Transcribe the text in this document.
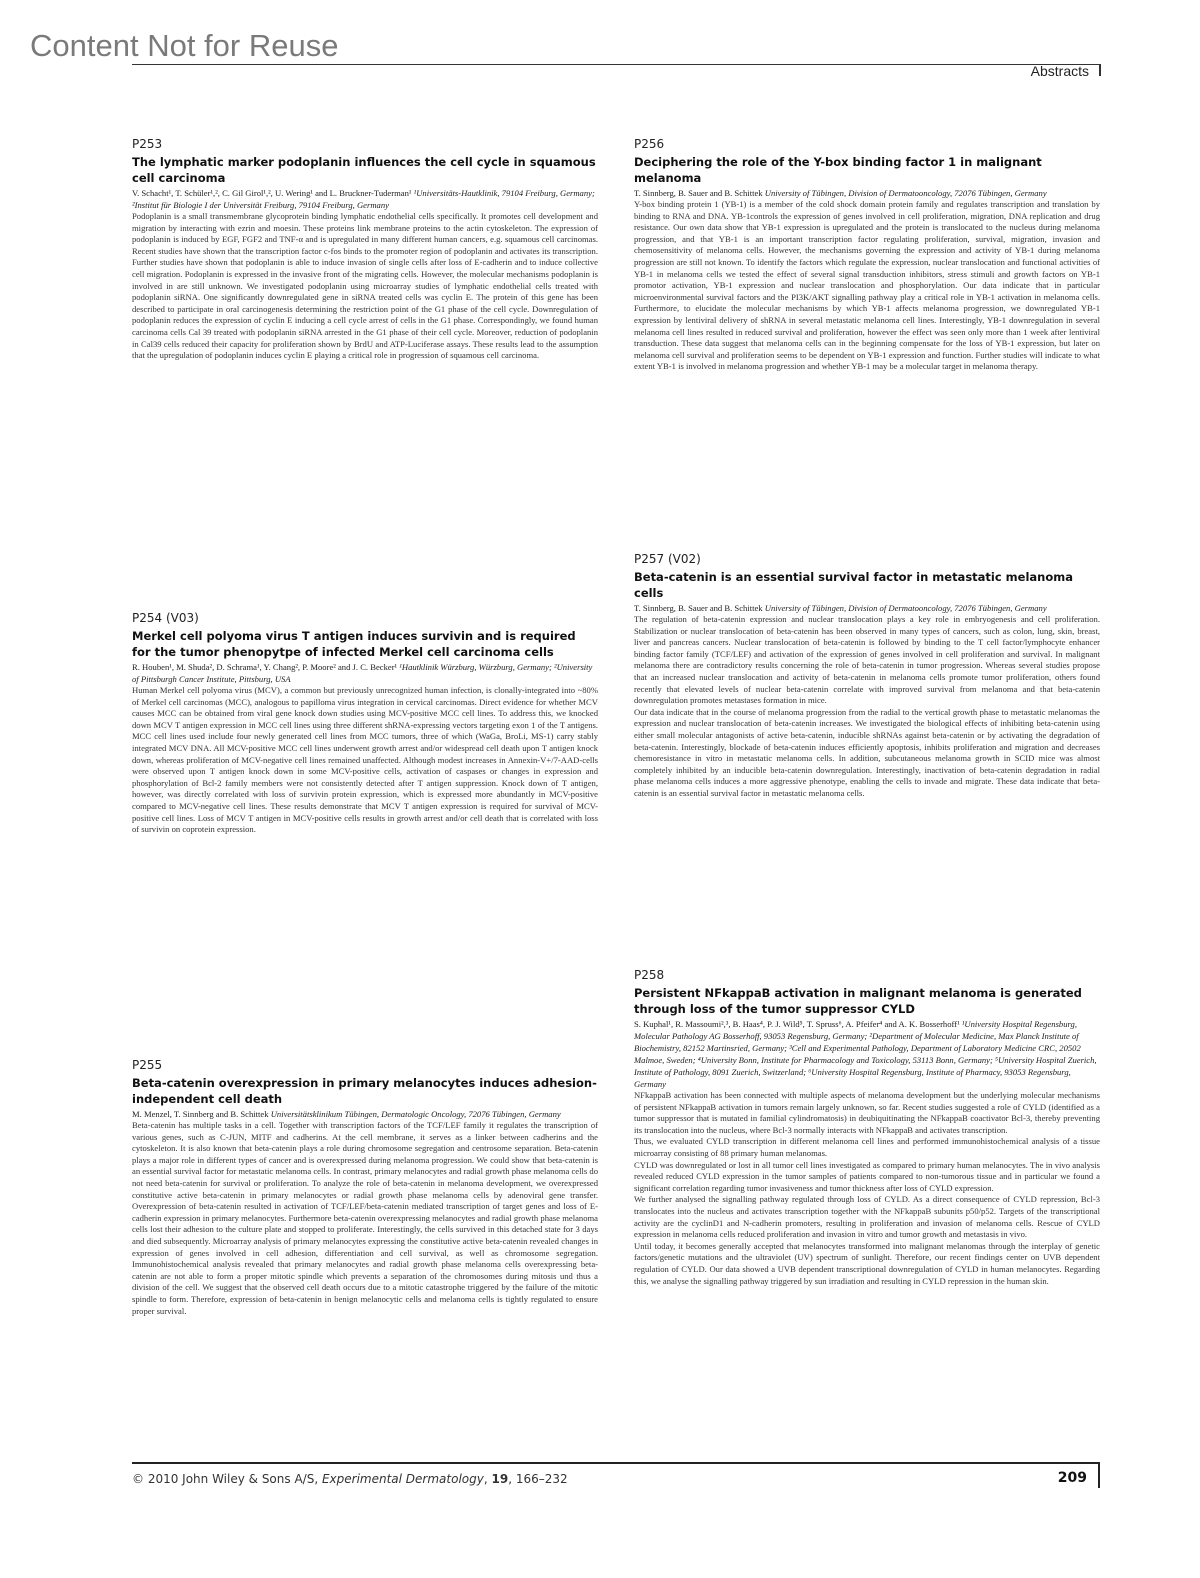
Content Not for Reuse
Abstracts
P253
The lymphatic marker podoplanin influences the cell cycle in squamous cell carcinoma
V. Schacht¹, T. Schüler¹,², C. Gil Girol¹,², U. Wering¹ and L. Bruckner-Tuderman¹ ¹Universitäts-Hautklinik, 79104 Freiburg, Germany; ²Institut für Biologie I der Universität Freiburg, 79104 Freiburg, Germany

Podoplanin is a small transmembrane glycoprotein binding lymphatic endothelial cells specifically. It promotes cell development and migration by interacting with ezrin and moesin. These proteins link membrane proteins to the actin cytoskeleton. The expression of podoplanin is induced by EGF, FGF2 and TNF-α and is upregulated in many different human cancers, e.g. squamous cell carcinomas. Recent studies have shown that the transcription factor c-fos binds to the promoter region of podoplanin and activates its transcription. Further studies have shown that podoplanin is able to induce invasion of single cells after loss of E-cadherin and to induce collective cell migration. Podoplanin is expressed in the invasive front of the migrating cells. However, the molecular mechanisms podoplanin is involved in are still unknown. We investigated podoplanin using microarray studies of lymphatic endothelial cells treated with podoplanin siRNA. One significantly downregulated gene in siRNA treated cells was cyclin E. The protein of this gene has been described to participate in oral carcinogenesis determining the restriction point of the G1 phase of the cell cycle. Downregulation of podoplanin reduces the expression of cyclin E inducing a cell cycle arrest of cells in the G1 phase. Correspondingly, we found human carcinoma cells Cal 39 treated with podoplanin siRNA arrested in the G1 phase of their cell cycle. Moreover, reduction of podoplanin in Cal39 cells reduced their capacity for proliferation shown by BrdU and ATP-Luciferase assays. These results lead to the assumption that the upregulation of podoplanin induces cyclin E playing a critical role in progression of squamous cell carcinoma.

P254 (V03)
Merkel cell polyoma virus T antigen induces survivin and is required for the tumor phenopytpe of infected Merkel cell carcinoma cells
R. Houben¹, M. Shuda², D. Schrama¹, Y. Chang², P. Moore² and J. C. Becker¹ ¹Hautklinik Würzburg, Würzburg, Germany; ²University of Pittsburgh Cancer Institute, Pittsburg, USA

Human Merkel cell polyoma virus (MCV), a common but previously unrecognized human infection, is clonally-integrated into ~80% of Merkel cell carcinomas (MCC), analogous to papilloma virus integration in cervical carcinomas. Direct evidence for whether MCV causes MCC can be obtained from viral gene knock down studies using MCV-positive MCC cell lines. To address this, we knocked down MCV T antigen expression in MCC cell lines using three different shRNA-expressing vectors targeting exon 1 of the T antigens. MCC cell lines used include four newly generated cell lines from MCC tumors, three of which (WaGa, BroLi, MS-1) carry stably integrated MCV DNA. All MCV-positive MCC cell lines underwent growth arrest and/or widespread cell death upon T antigen knock down, whereas proliferation of MCV-negative cell lines remained unaffected. Although modest increases in Annexin-V+/7-AAD-cells were observed upon T antigen knock down in some MCV-positive cells, activation of caspases or changes in expression and phosphorylation of Bcl-2 family members were not consistently detected after T antigen suppression. Knock down of T antigen, however, was directly correlated with loss of survivin protein expression, which is expressed more abundantly in MCV-positive compared to MCV-negative cell lines. These results demonstrate that MCV T antigen expression is required for survival of MCV-positive cell lines. Loss of MCV T antigen in MCV-positive cells results in growth arrest and/or cell death that is correlated with loss of survivin on coprotein expression.

P255
Beta-catenin overexpression in primary melanocytes induces adhesion-independent cell death
M. Menzel, T. Sinnberg and B. Schittek Universitätsklinikum Tübingen, Dermatologic Oncology, 72076 Tübingen, Germany

Beta-catenin has multiple tasks in a cell. Together with transcription factors of the TCF/LEF family it regulates the transcription of various genes, such as C-JUN, MITF and cadherins. At the cell membrane, it serves as a linker between cadherins and the cytoskeleton. It is also known that beta-catenin plays a role during chromosome segregation and centrosome separation. Beta-catenin plays a major role in different types of cancer and is overexpressed during melanoma progression. We could show that beta-catenin is an essential survival factor for metastatic melanoma cells. In contrast, primary melanocytes and radial growth phase melanoma cells do not need beta-catenin for survival or proliferation. To analyze the role of beta-catenin in melanoma development, we overexpressed constitutive active beta-catenin in primary melanocytes or radial growth phase melanoma cells by adenoviral gene transfer. Overexpression of beta-catenin resulted in activation of TCF/LEF/beta-catenin mediated transcription of target genes and loss of E-cadherin expression in primary melanocytes. Furthermore beta-catenin overexpressing melanocytes and radial growth phase melanoma cells lost their adhesion to the culture plate and stopped to proliferate. Interestingly, the cells survived in this detached state for 3 days and died subsequently. Microarray analysis of primary melanocytes expressing the constitutive active beta-catenin revealed changes in expression of genes involved in cell adhesion, differentiation and cell survival, as well as chromosome segregation. Immunohistochemical analysis revealed that primary melanocytes and radial growth phase melanoma cells overexpressing beta-catenin are not able to form a proper mitotic spindle which prevents a separation of the chromosomes during mitosis und thus a division of the cell. We suggest that the observed cell death occurs due to a mitotic catastrophe triggered by the failure of the mitotic spindle to form. Therefore, expression of beta-catenin in benign melanocytic cells and melanoma cells is tightly regulated to ensure proper survival.

P256
Deciphering the role of the Y-box binding factor 1 in malignant melanoma
T. Sinnberg, B. Sauer and B. Schittek University of Tübingen, Division of Dermatooncology, 72076 Tübingen, Germany

Y-box binding protein 1 (YB-1) is a member of the cold shock domain protein family and regulates transcription and translation by binding to RNA and DNA. YB-1controls the expression of genes involved in cell proliferation, migration, DNA replication and drug resistance. Our own data show that YB-1 expression is upregulated and the protein is translocated to the nucleus during melanoma progression, and that YB-1 is an important transcription factor regulating proliferation, survival, migration, invasion and chemosensitivity of melanoma cells. However, the mechanisms governing the expression and activity of YB-1 during melanoma progression are still not known. To identify the factors which regulate the expression, nuclear translocation and functional activities of YB-1 in melanoma cells we tested the effect of several signal transduction inhibitors, stress stimuli and growth factors on YB-1 promotor activation, YB-1 expression and nuclear translocation and phosphorylation. Our data indicate that in particular microenvironmental survival factors and the PI3K/AKT signalling pathway play a critical role in YB-1 activation in melanoma cells. Furthermore, to elucidate the molecular mechanisms by which YB-1 affects melanoma progression, we downregulated YB-1 expression by lentiviral delivery of shRNA in several metastatic melanoma cell lines. Interestingly, YB-1 downregulation in several melanoma cell lines resulted in reduced survival and proliferation, however the effect was seen only more than 1 week after lentiviral transduction. These data suggest that melanoma cells can in the beginning compensate for the loss of YB-1 expression, but later on melanoma cell survival and proliferation seems to be dependent on YB-1 expression and function. Further studies will indicate to what extent YB-1 is involved in melanoma progression and whether YB-1 may be a molecular target in melanoma therapy.

P257 (V02)
Beta-catenin is an essential survival factor in metastatic melanoma cells
T. Sinnberg, B. Sauer and B. Schittek University of Tübingen, Division of Dermatooncology, 72076 Tübingen, Germany

The regulation of beta-catenin expression and nuclear translocation plays a key role in embryogenesis and cell proliferation. Stabilization or nuclear translocation of beta-catenin has been observed in many types of cancers, such as colon, lung, skin, breast, liver and pancreas cancers. Nuclear translocation of beta-catenin is followed by binding to the T cell factor/lymphocyte enhancer binding factor family (TCF/LEF) and activation of the expression of genes involved in cell proliferation and survival. In malignant melanoma there are contradictory results concerning the role of beta-catenin in tumor progression. Whereas several studies propose that an increased nuclear translocation and activity of beta-catenin in melanoma cells promote tumor proliferation, others found recently that elevated levels of nuclear beta-catenin correlate with improved survival from melanoma and that beta-catenin downregulation promotes metastases formation in mice.

Our data indicate that in the course of melanoma progression from the radial to the vertical growth phase to metastatic melanomas the expression and nuclear translocation of beta-catenin increases. We investigated the biological effects of inhibiting beta-catenin using either small molecular antagonists of active beta-catenin, inducible shRNAs against beta-catenin or by activating the degradation of beta-catenin. Interestingly, blockade of beta-catenin induces efficiently apoptosis, inhibits proliferation and migration and decreases chemoresistance in vitro in metastatic melanoma cells. In addition, subcutaneous melanoma growth in SCID mice was almost completely inhibited by an inducible beta-catenin downregulation. Interestingly, inactivation of beta-catenin degradation in radial phase melanoma cells induces a more aggressive phenotype, enabling the cells to invade and migrate. These data indicate that beta-catenin is an essential survival factor in metastatic melanoma cells.

P258
Persistent NFkappaB activation in malignant melanoma is generated through loss of the tumor suppressor CYLD
S. Kuphal¹, R. Massoumi²,³, B. Haas⁴, P. J. Wild⁵, T. Spruss⁶, A. Pfeifer⁴ and A. K. Bosserhoff¹ ¹University Hospital Regensburg, Molecular Pathology AG Bosserhoff, 93053 Regensburg, Germany; ²Department of Molecular Medicine, Max Planck Institute of Biochemistry, 82152 Martinsried, Germany; ³Cell and Experimental Pathology, Department of Laboratory Medicine CRC, 20502 Malmoe, Sweden; ⁴University Bonn, Institute for Pharmacology and Toxicology, 53113 Bonn, Germany; ⁵University Hospital Zuerich, Institute of Pathology, 8091 Zuerich, Switzerland; ⁶University Hospital Regensburg, Institute of Pharmacy, 93053 Regensburg, Germany

NFkappaB activation has been connected with multiple aspects of melanoma development but the underlying molecular mechanisms of persistent NFkappaB activation in tumors remain largely unknown, so far. Recent studies suggested a role of CYLD (identified as a tumor suppressor that is mutated in familial cylindromatosis) in deubiquitinating the NFkappaB coactivator Bcl-3, thereby preventing its translocation into the nucleus, where Bcl-3 normally interacts with NFkappaB and activates transcription.

Thus, we evaluated CYLD transcription in different melanoma cell lines and performed immunohistochemical analysis of a tissue microarray consisting of 88 primary human melanomas.

CYLD was downregulated or lost in all tumor cell lines investigated as compared to primary human melanocytes. The in vivo analysis revealed reduced CYLD expression in the tumor samples of patients compared to non-tumorous tissue and in particular we found a significant correlation regarding tumor invasiveness and tumor thickness after loss of CYLD expression.

We further analysed the signalling pathway regulated through loss of CYLD. As a direct consequence of CYLD repression, Bcl-3 translocates into the nucleus and activates transcription together with the NFkappaB subunits p50/p52. Targets of the transcriptional activity are the cyclinD1 and N-cadherin promoters, resulting in proliferation and invasion of melanoma cells. Rescue of CYLD expression in melanoma cells reduced proliferation and invasion in vitro and tumor growth and metastasis in vivo.

Until today, it becomes generally accepted that melanocytes transformed into malignant melanomas through the interplay of genetic factors/genetic mutations and the ultraviolet (UV) spectrum of sunlight. Therefore, our recent findings center on UVB dependent regulation of CYLD. Our data showed a UVB dependent transcriptional downregulation of CYLD in human melanocytes. Regarding this, we analyse the signalling pathway triggered by sun irradiation and resulting in CYLD repression in the human skin.

© 2010 John Wiley & Sons A/S, Experimental Dermatology, 19, 166–232	209
